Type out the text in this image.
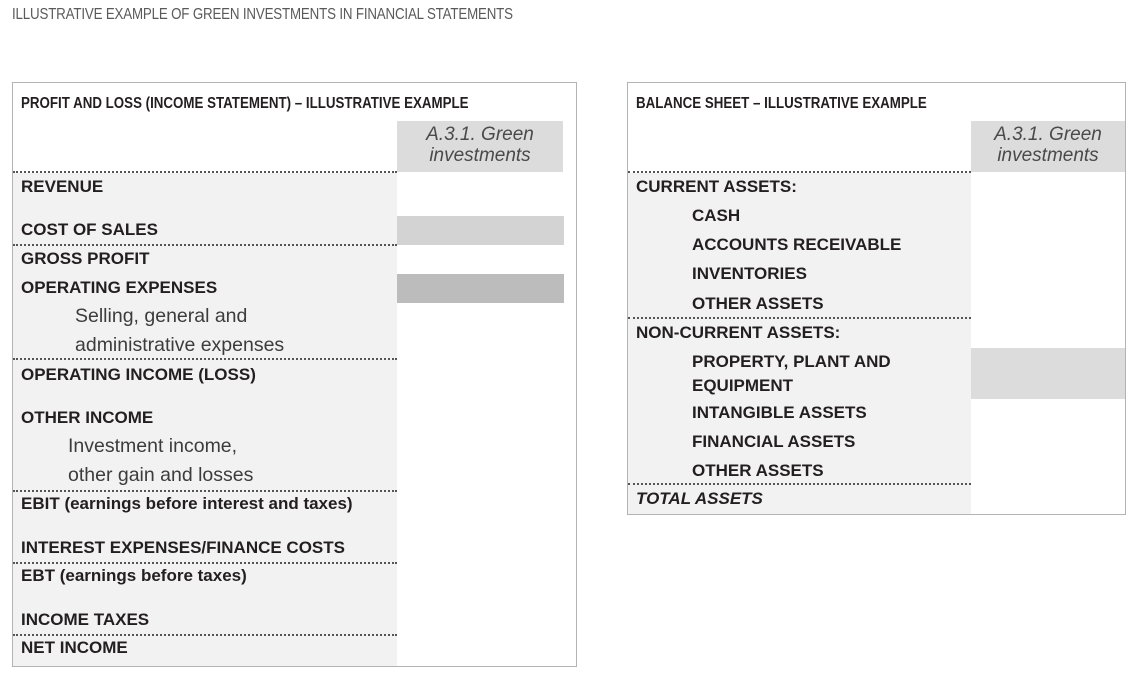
ILLUSTRATIVE EXAMPLE OF GREEN INVESTMENTS IN FINANCIAL STATEMENTS
PROFIT AND LOSS (INCOME STATEMENT) – ILLUSTRATIVE EXAMPLE
A.3.1. Green
investments
REVENUE
COST OF SALES
GROSS PROFIT
OPERATING EXPENSES
Selling, general and
administrative expenses
OPERATING INCOME (LOSS)
OTHER INCOME
Investment income,
other gain and losses
EBIT (earnings before interest and taxes)
INTEREST EXPENSES/FINANCE COSTS
EBT (earnings before taxes)
INCOME TAXES
NET INCOME
BALANCE SHEET – ILLUSTRATIVE EXAMPLE
A.3.1. Green
investments
CURRENT ASSETS:
CASH
ACCOUNTS RECEIVABLE
INVENTORIES
OTHER ASSETS
NON-CURRENT ASSETS:
PROPERTY, PLANT AND
EQUIPMENT
INTANGIBLE ASSETS
FINANCIAL ASSETS
OTHER ASSETS
TOTAL ASSETS
